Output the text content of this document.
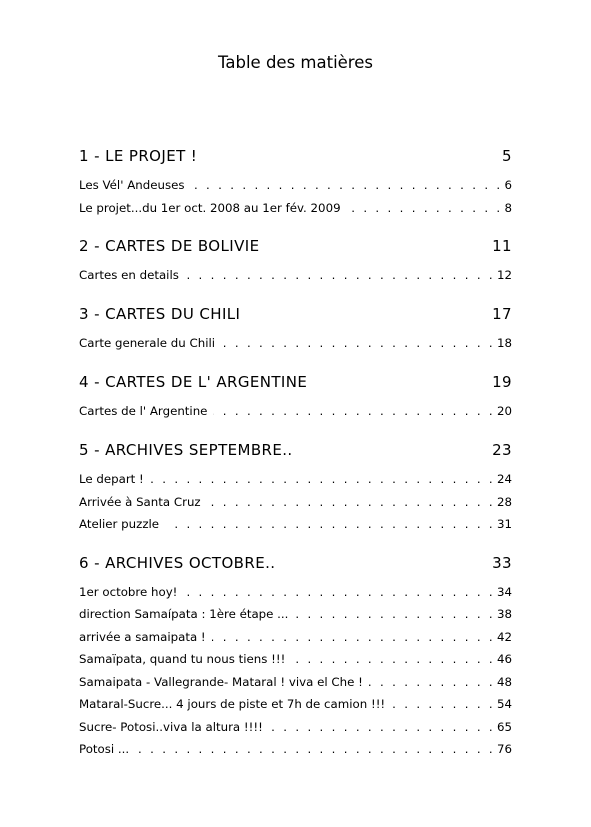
Table des matières
1 - LE PROJET !	5
Les Vél' Andeuses . . .	6
Le projet...du 1er oct. 2008 au 1er fév. 2009 . . .	8
2 - CARTES DE BOLIVIE	11
Cartes en details . . .	12
3 - CARTES DU CHILI	17
Carte generale du Chili . . .	18
4 - CARTES DE L' ARGENTINE	19
Cartes de l' Argentine . . .	20
5 - ARCHIVES SEPTEMBRE..	23
Le depart ! . . .	24
Arrivée à Santa Cruz . . .	28
Atelier puzzle . . .	31
6 - ARCHIVES OCTOBRE..	33
1er octobre hoy! . . .	34
direction Samaípata : 1ère étape ... . . .	38
arrivée a samaipata ! . . .	42
Samaïpata, quand tu nous tiens !!! . . .	46
Samaipata - Vallegrande- Mataral ! viva el Che ! . . .	48
Mataral-Sucre... 4 jours de piste et 7h de camion !!! . . .	54
Sucre- Potosi..viva la altura !!!! . . .	65
Potosi ... . . .	76
